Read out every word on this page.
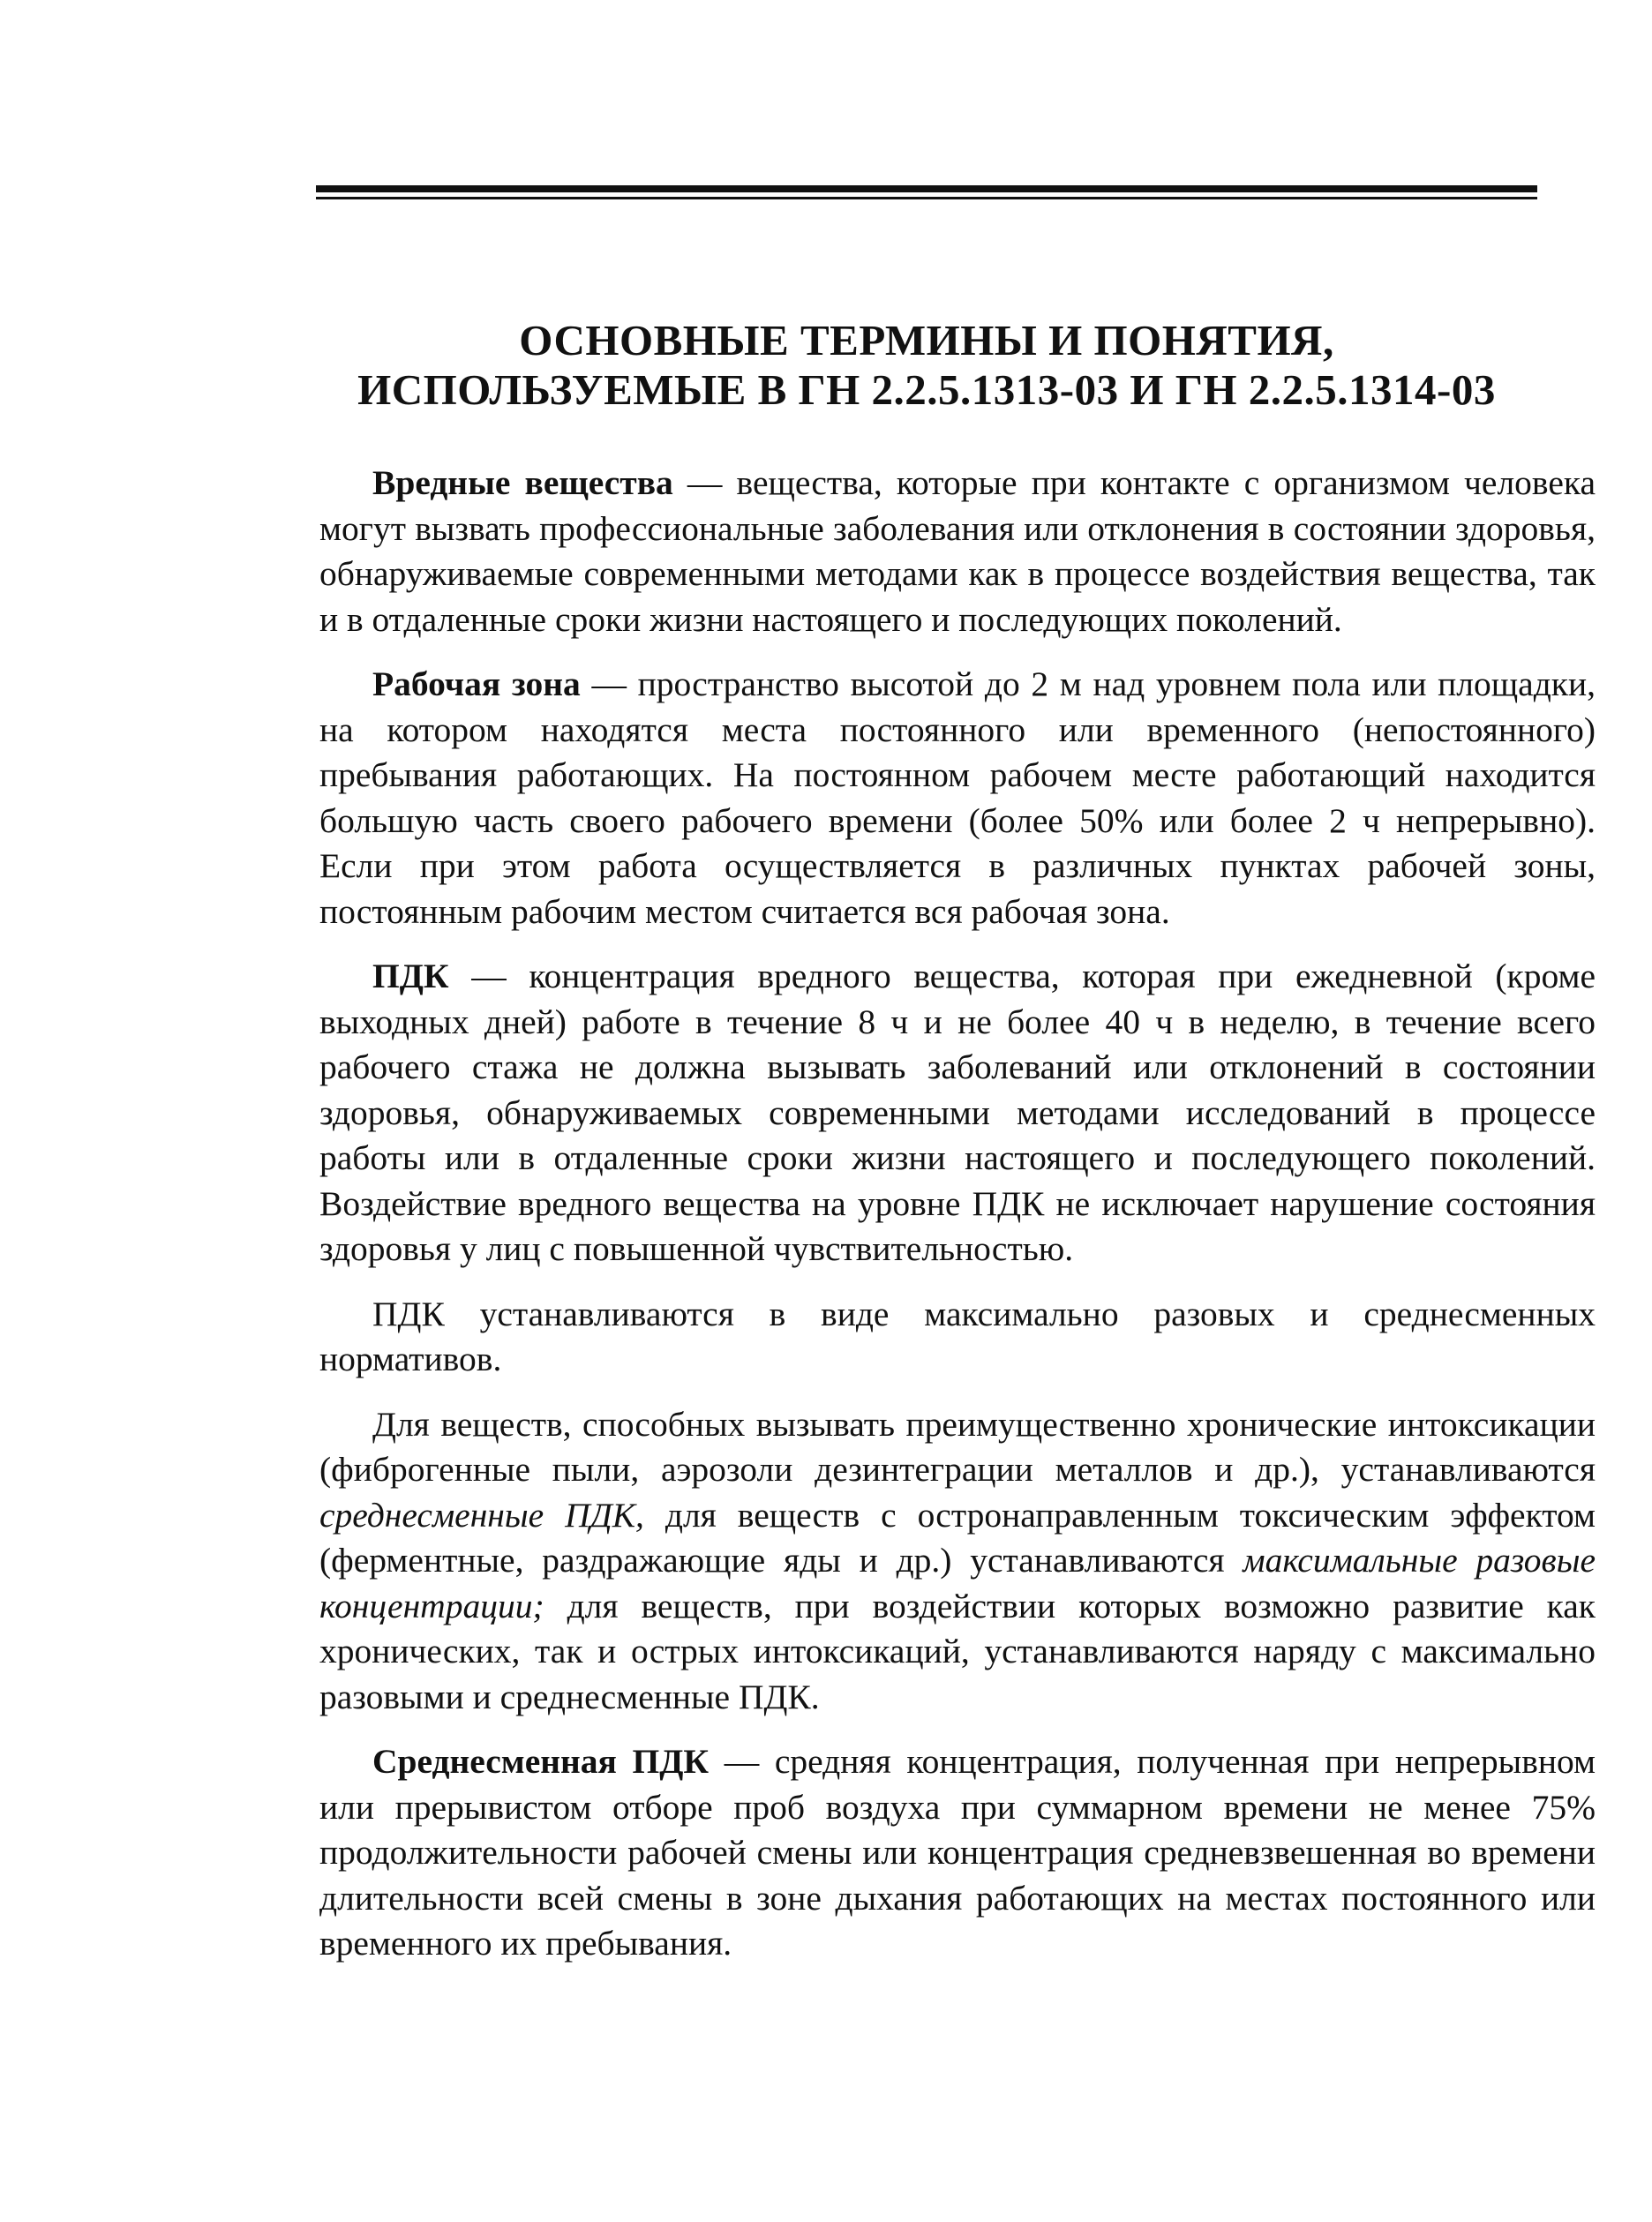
ОСНОВНЫЕ ТЕРМИНЫ И ПОНЯТИЯ,
ИСПОЛЬЗУЕМЫЕ В ГН 2.2.5.1313-03 И ГН 2.2.5.1314-03

Вредные вещества — вещества, которые при контакте с организмом человека могут вызвать профессиональные заболевания или отклонения в состоянии здоровья, обнаруживаемые современными методами как в процессе воздействия вещества, так и в отдаленные сроки жизни настоящего и последующих поколений.

Рабочая зона — пространство высотой до 2 м над уровнем пола или площадки, на котором находятся места постоянного или временного (непостоянного) пребывания работающих. На постоянном рабочем месте работающий находится большую часть своего рабочего времени (более 50% или более 2 ч непрерывно). Если при этом работа осуществляется в различных пунктах рабочей зоны, постоянным рабочим местом считается вся рабочая зона.

ПДК — концентрация вредного вещества, которая при ежедневной (кроме выходных дней) работе в течение 8 ч и не более 40 ч в неделю, в течение всего рабочего стажа не должна вызывать заболеваний или отклонений в состоянии здоровья, обнаруживаемых современными методами исследований в процессе работы или в отдаленные сроки жизни настоящего и последующего поколений. Воздействие вредного вещества на уровне ПДК не исключает нарушение состояния здоровья у лиц с повышенной чувствительностью.

ПДК устанавливаются в виде максимально разовых и среднесменных нормативов.

Для веществ, способных вызывать преимущественно хронические интоксикации (фиброгенные пыли, аэрозоли дезинтеграции металлов и др.), устанавливаются среднесменные ПДК, для веществ с остронаправленным токсическим эффектом (ферментные, раздражающие яды и др.) устанавливаются максимальные разовые концентрации; для веществ, при воздействии которых возможно развитие как хронических, так и острых интоксикаций, устанавливаются наряду с максимально разовыми и среднесменные ПДК.

Среднесменная ПДК — средняя концентрация, полученная при непрерывном или прерывистом отборе проб воздуха при суммарном времени не менее 75% продолжительности рабочей смены или концентрация средневзвешенная во времени длительности всей смены в зоне дыхания работающих на местах постоянного или временного их пребывания.
